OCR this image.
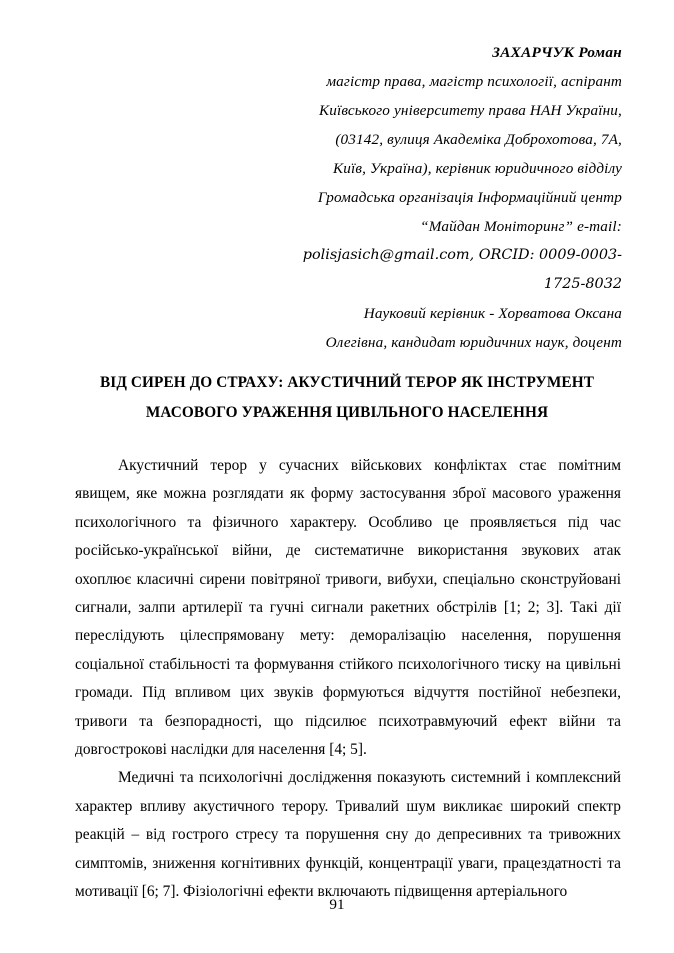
ЗАХАРЧУК Роман
магістр права, магістр психології, аспірант
Київського університету права НАН України,
(03142, вулиця Академіка Доброхотова, 7А,
Київ, Україна), керівник юридичного відділу
Громадська організація Інформаційний центр
“Майдан Моніторинг” e-mail:
polisjasich@gmail.com, ORCID: 0009-0003-
1725-8032
Науковий керівник - Хорватова Оксана
Олегівна, кандидат юридичних наук, доцент
ВІД СИРЕН ДО СТРАХУ: АКУСТИЧНИЙ ТЕРОР ЯК ІНСТРУМЕНТ
МАСОВОГО УРАЖЕННЯ ЦИВІЛЬНОГО НАСЕЛЕННЯ

Акустичний терор у сучасних військових конфліктах стає помітним явищем, яке можна розглядати як форму застосування зброї масового ураження психологічного та фізичного характеру. Особливо це проявляється під час російсько-української війни, де систематичне використання звукових атак охоплює класичні сирени повітряної тривоги, вибухи, спеціально сконструйовані сигнали, залпи артилерії та гучні сигнали ракетних обстрілів [1; 2; 3]. Такі дії переслідують цілеспрямовану мету: деморалізацію населення, порушення соціальної стабільності та формування стійкого психологічного тиску на цивільні громади. Під впливом цих звуків формуються відчуття постійної небезпеки, тривоги та безпорадності, що підсилює психотравмуючий ефект війни та довгострокові наслідки для населення [4; 5].

Медичні та психологічні дослідження показують системний і комплексний характер впливу акустичного терору. Тривалий шум викликає широкий спектр реакцій – від гострого стресу та порушення сну до депресивних та тривожних симптомів, зниження когнітивних функцій, концентрації уваги, працездатності та мотивації [6; 7]. Фізіологічні ефекти включають підвищення артеріального

91
